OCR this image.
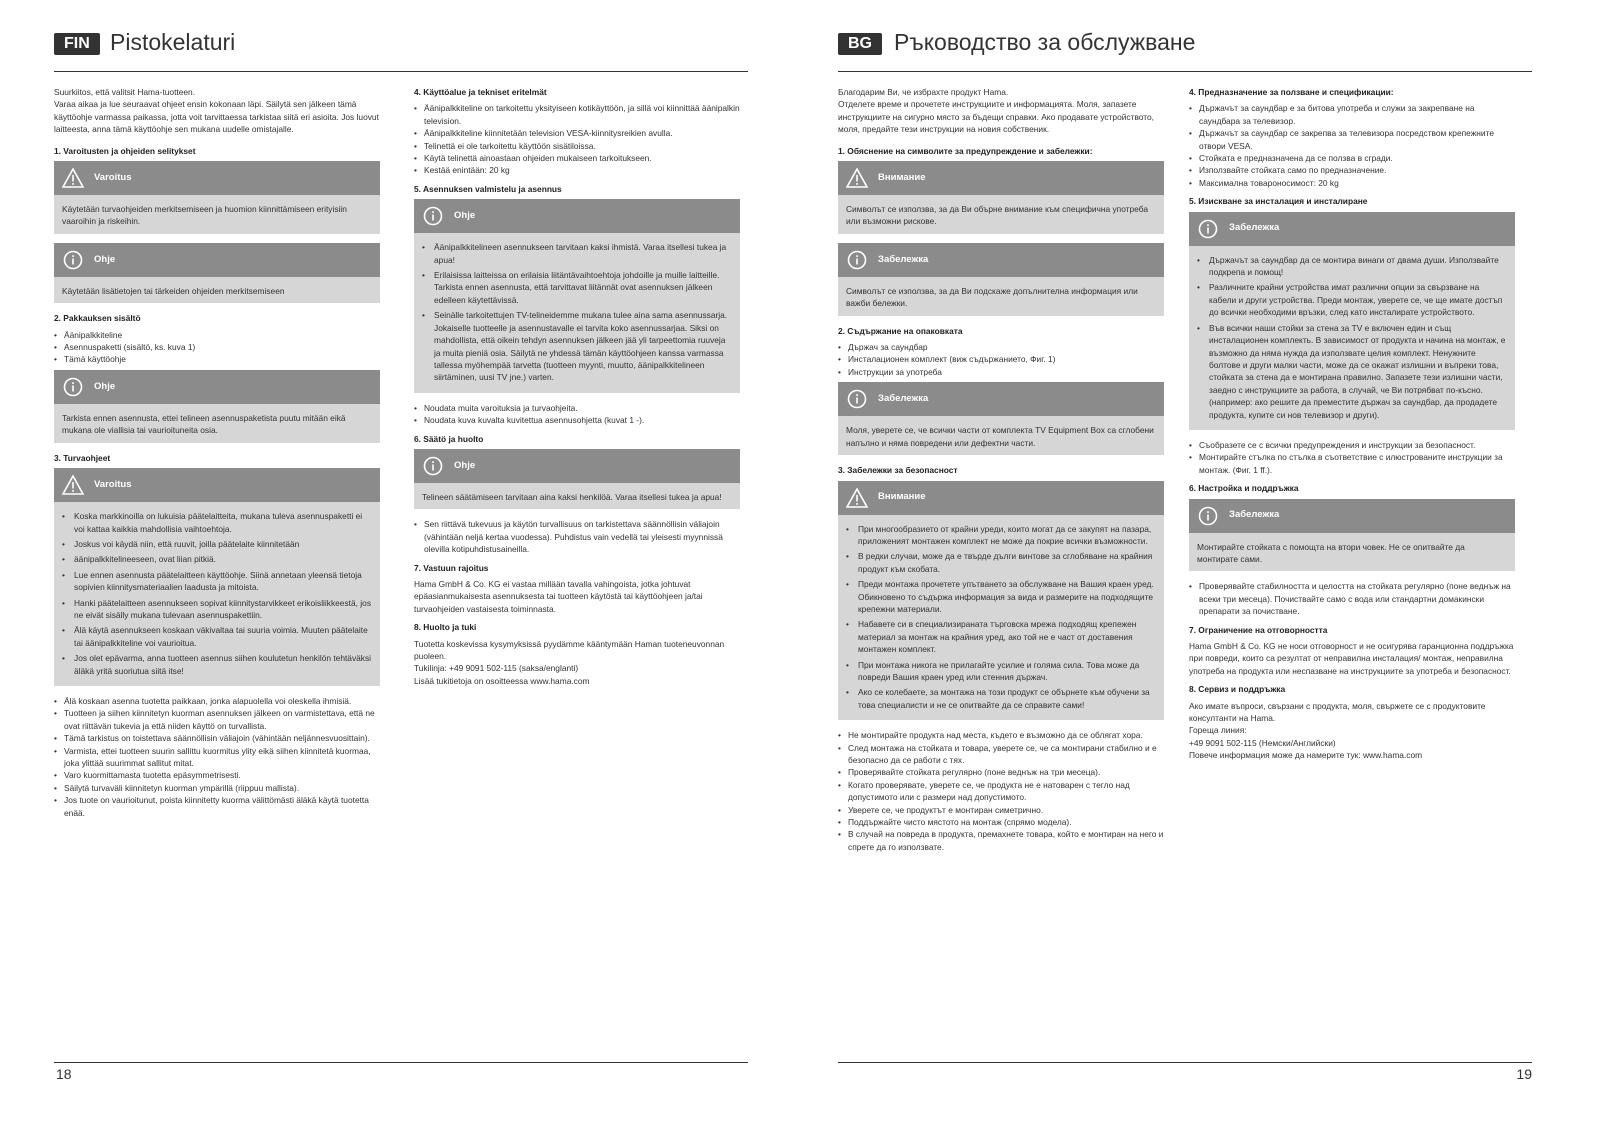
FIN Pistokelaturi

Suurkiitos, että valitsit Hama-tuotteen.
Varaa aikaa ja lue seuraavat ohjeet ensin kokonaan läpi. Säilytä sen jälkeen tämä käyttöohje varmassa paikassa, jotta voit tarvittaessa tarkistaa siitä eri asioita. Jos luovut laitteesta, anna tämä käyttöohje sen mukana uudelle omistajalle.

1. Varoitusten ja ohjeiden selitykset
Varoitus
Käytetään turvaohjeiden merkitsemiseen ja huomion kiinnittämiseen erityisiin vaaroihin ja riskeihin.
Ohje
Käytetään lisätietojen tai tärkeiden ohjeiden merkitsemiseen
2. Pakkauksen sisältö
• Äänipalkkiteline
• Asennuspaketti (sisältö, ks. kuva 1)
• Tämä käyttöohje
Ohje
Tarkista ennen asennusta, ettei telineen asennuspaketista puutu mitään eikä mukana ole viallisia tai vaurioituneita osia.
3. Turvaohjeet
Varoitus
• Koska markkinoilla on lukuisia päätelaitteita, mukana tuleva asennuspaketti ei voi kattaa kaikkia mahdollisia vaihtoehtoja.
• Joskus voi käydä niin, että ruuvit, joilla päätelaite kiinnitetään
• äänipalkkitelineeseen, ovat liian pitkiä.
• Lue ennen asennusta päätelaitteen käyttöohje. Siinä annetaan yleensä tietoja sopivien kiinnitysmateriaalien laadusta ja mitoista.
• Hanki päätelaitteen asennukseen sopivat kiinnitystarvikkeet erikoisliikkeestä, jos ne eivät sisälly mukana tulevaan asennuspakettiin.
• Älä käytä asennukseen koskaan väkivaltaa tai suuria voimia. Muuten päätelaite tai äänipalkkiteline voi vaurioitua.
• Jos olet epävarma, anna tuotteen asennus siihen koulutetun henkilön tehtäväksi äläkä yritä suoriutua siitä itse!
• Älä koskaan asenna tuotetta paikkaan, jonka alapuolella voi oleskella ihmisiä.
• Tuotteen ja siihen kiinnitetyn kuorman asennuksen jälkeen on varmistettava, että ne ovat riittävän tukevia ja että niiden käyttö on turvallista.
• Tämä tarkistus on toistettava säännöllisin väliajoin (vähintään neljännesvuosittain).
• Varmista, ettei tuotteen suurin sallittu kuormitus ylity eikä siihen kiinnitetä kuormaa, joka ylittää suurimmat sallitut mitat.
• Varo kuormittamasta tuotetta epäsymmetrisesti.
• Säilytä turvaväli kiinnitetyn kuorman ympärillä (riippuu mallista).
• Jos tuote on vaurioitunut, poista kiinnitetty kuorma välittömästi äläkä käytä tuotetta enää.
4. Käyttöalue ja tekniset eritelmät
• Äänipalkkiteline on tarkoitettu yksityiseen kotikäyttöön, ja sillä voi kiinnittää äänipalkin television.
• Äänipalkkiteline kiinnitetään television VESA-kiinnitysreikien avulla.
• Telinettä ei ole tarkoitettu käyttöön sisätiloissa.
• Käytä telinettä ainoastaan ohjeiden mukaiseen tarkoitukseen.
• Kestää enintään: 20 kg
5. Asennuksen valmistelu ja asennus
Ohje
• Äänipalkkitelineen asennukseen tarvitaan kaksi ihmistä. Varaa itsellesi tukea ja apua!
• Erilaisissa laitteissa on erilaisia liitäntävaihtoehtoja johdoille ja muille laitteille. Tarkista ennen asennusta, että tarvittavat liitännät ovat asennuksen jälkeen edelleen käytettävissä.
• Seinälle tarkoitettujen TV-telineidemme mukana tulee aina sama asennussarja. Jokaiselle tuotteelle ja asennustavalle ei tarvita koko asennussarjaa. Siksi on mahdollista, että oikein tehdyn asennuksen jälkeen jää yli tarpeettomia ruuveja ja muita pieniä osia. Säilytä ne yhdessä tämän käyttöohjeen kanssa varmassa tallessa myöhempää tarvetta (tuotteen myynti, muutto, äänipalkkitelineen siirtäminen, uusi TV jne.) varten.
• Noudata muita varoituksia ja turvaohjeita.
• Noudata kuva kuvalta kuvitettua asennusohjetta (kuvat 1 -).
6. Säätö ja huolto
Ohje
Telineen säätämiseen tarvitaan aina kaksi henkilöä. Varaa itsellesi tukea ja apua!
• Sen riittävä tukevuus ja käytön turvallisuus on tarkistettava säännöllisin väliajoin (vähintään neljä kertaa vuodessa). Puhdistus vain vedellä tai yleisesti myynnissä olevilla kotipuhdistusaineilla.
7. Vastuun rajoitus

Hama GmbH & Co. KG ei vastaa millään tavalla vahingoista, jotka johtuvat epäasianmukaisesta asennuksesta tai tuotteen käytöstä tai käyttöohjeen ja/tai turvaohjeiden vastaisesta toiminnasta.

8. Huolto ja tuki

Tuotetta koskevissa kysymyksissä pyydämme kääntymään Haman tuoteneuvonnan puoleen.
Tukilinja: +49 9091 502-115 (saksa/englanti)
Lisää tukitietoja on osoitteessa www.hama.com

18
BG Ръководство за обслужване

Благодарим Ви, че избрахте продукт Hama.
Отделете време и прочетете инструкциите и информацията. Моля, запазете инструкциите на сигурно място за бъдещи справки. Ако продавате устройството, моля, предайте тези инструкции на новия собственик.

1. Обяснение на символите за предупреждение и забележки:
Внимание
Символът се използва, за да Ви обърне внимание към специфична употреба или възможни рискове.
Забележка
Символът се използва, за да Ви подскаже допълнителна информация или важби бележки.
2. Съдържание на опаковката
• Държач за саундбар
• Инсталационен комплект (виж съдържанието, Фиг. 1)
• Инструкции за употреба
Забележка
Моля, уверете се, че всички части от комплекта TV Equipment Box са сглобени напълно и няма повредени или дефектни части.
3. Забележки за безопасност
Внимание
• При многообразието от крайни уреди, които могат да се закупят на пазара, приложеният монтажен комплект не може да покрие всички възможности.
• В редки случаи, може да е твърде дълги винтове за сглобяване на крайния продукт към скобата.
• Преди монтажа прочетете упътването за обслужване на Вашия краен уред. Обикновено то съдържа информация за вида и размерите на подходящите крепежни материали.
• Набавете си в специализираната търговска мрежа подходящ крепежен материал за монтаж на крайния уред, ако той не е част от доставения монтажен комплект.
• При монтажа никога не прилагайте усилие и голяма сила. Това може да повреди Вашия краен уред или стенния държач.
• Ако се колебаете, за монтажа на този продукт се обърнете към обучени за това специалисти и не се опитвайте да се справите сами!
• Не монтирайте продукта над места, където е възможно да се облягат хора.
• След монтажа на стойката и товара, уверете се, че са монтирани стабилно и е безопасно да се работи с тях.
• Проверявайте стойката регулярно (поне веднъж на три месеца).
• Когато проверявате, уверете се, че продукта не е натоварен с тегло над допустимото или с размери над допустимото.
• Уверете се, че продуктът е монтиран симетрично.
• Поддържайте чисто мястото на монтаж (спрямо модела).
• В случай на повреда в продукта, премахнете товара, който е монтиран на него и спрете да го използвате.
4. Предназначение за ползване и спецификации:
• Държачът за саундбар е за битова употреба и служи за закрепване на саундбара за телевизор.
• Държачът за саундбар се закрепва за телевизора посредством крепежните отвори VESA.
• Стойката е предназначена да се ползва в сгради.
• Използвайте стойката само по предназначение.
• Максимална товароносимост: 20 kg
5. Изискване за инсталация и инсталиране
Забележка
• Държачът за саундбар да се монтира винаги от двама души. Използвайте подкрепа и помощ!
• Различните крайни устройства имат различни опции за свързване на кабели и други устройства. Преди монтаж, уверете се, че ще имате достъп до всички необходими връзки, след като инсталирате устройството.
• Във всички наши стойки за стена за TV е включен един и същ инсталационен комплекть. В зависимост от продукта и начина на монтаж, е възможно да няма нужда да използвате целия комплект. Ненужните болтове и други малки части, може да се окажат излишни и въпреки това, стойката за стена да е монтирана правилно. Запазете тези излишни части, заедно с инструкциите за работа, в случай, че Ви потрябват по-късно. (например: ако решите да преместите държач за саундбар, да продадете продукта, купите си нов телевизор и други).
• Съобразете се с всички предупреждения и инструкции за безопасност.
• Монтирайте стълка по стълка в съответствие с илюстрованите инструкции за монтаж. (Фиг. 1 ff.).
6. Настройка и поддръжка
Забележка
Монтирайте стойката с помощта на втори човек. Не се опитвайте да монтирате сами.
• Проверявайте стабилността и целостта на стойката регулярно (поне веднъж на всеки три месеца). Почиствайте само с вода или стандартни домакински препарати за почистване.
7. Ограничение на отговорността

Hama GmbH & Co. KG не носи отговорност и не осигурява гаранционна поддръжка при повреди, които са резултат от неправилна инсталация/ монтаж, неправилна употреба на продукта или неспазване на инструкциите за употреба и безопасност.

8. Сервиз и поддръжка

Ако имате въпроси, свързани с продукта, моля, свържете се с продуктовите консултанти на Hama.
Гореща линия:
+49 9091 502-115 (Немски/Английски)
Повече информация може да намерите тук: www.hama.com

19
